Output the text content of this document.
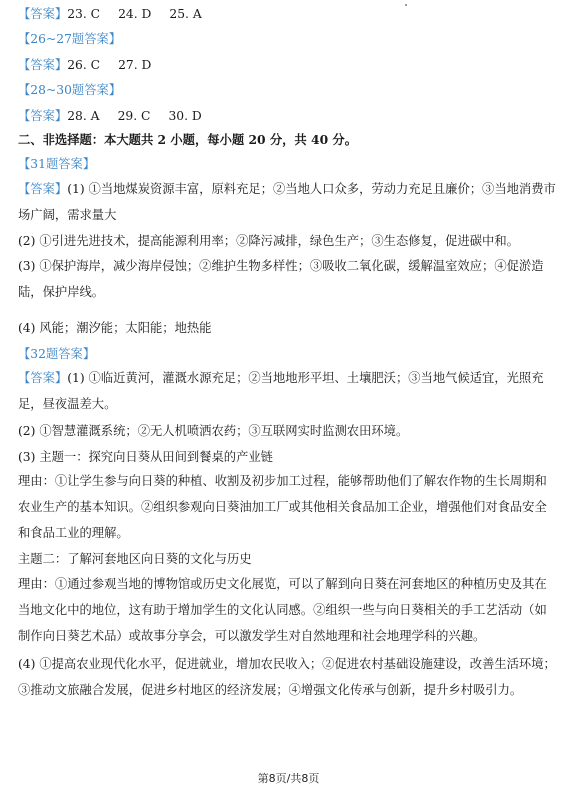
【答案】23. C 24. D 25. A
【26~27题答案】
【答案】26. C 27. D
【28~30题答案】
【答案】28. A 29. C 30. D
二、非选择题：本大题共 2 小题，每小题 20 分，共 40 分。
【31题答案】
【答案】(1) ①当地煤炭资源丰富，原料充足；②当地人口众多，劳动力充足且廉价；③当地消费市场广阔，需求量大
(2) ①引进先进技术，提高能源利用率；②降污减排，绿色生产；③生态修复，促进碳中和。
(3) ①保护海岸，减少海岸侵蚀；②维护生物多样性；③吸收二氧化碳，缓解温室效应；④促淤造陆，保护岸线。
(4) 风能；潮汐能；太阳能；地热能
【32题答案】
【答案】(1) ①临近黄河，灌溉水源充足；②当地地形平坦、土壤肥沃；③当地气候适宜，光照充足，昼夜温差大。
(2) ①智慧灌溉系统；②无人机喷洒农药；③互联网实时监测农田环境。
(3) 主题一：探究向日葵从田间到餐桌的产业链
理由：①让学生参与向日葵的种植、收割及初步加工过程，能够帮助他们了解农作物的生长周期和农业生产的基本知识。②组织参观向日葵油加工厂或其他相关食品加工企业，增强他们对食品安全和食品工业的理解。
主题二：了解河套地区向日葵的文化与历史
理由：①通过参观当地的博物馆或历史文化展览，可以了解到向日葵在河套地区的种植历史及其在当地文化中的地位，这有助于增加学生的文化认同感。②组织一些与向日葵相关的手工艺活动（如制作向日葵艺术品）或故事分享会，可以激发学生对自然地理和社会地理学科的兴趣。
(4) ①提高农业现代化水平，促进就业，增加农民收入；②促进农村基础设施建设，改善生活环境；③推动文旅融合发展，促进乡村地区的经济发展；④增强文化传承与创新，提升乡村吸引力。
第8页/共8页
